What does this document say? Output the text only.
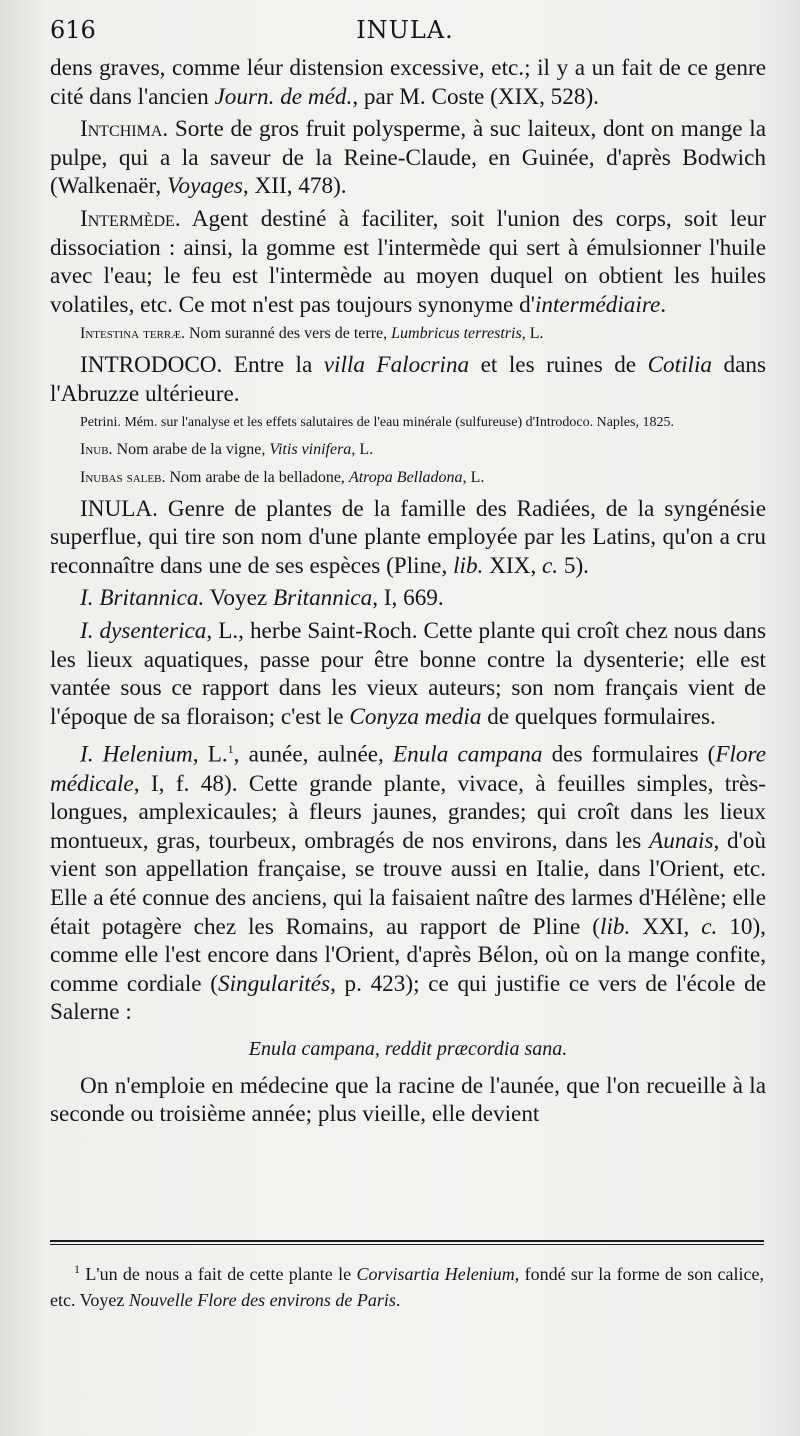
616	INULA.

dens graves, comme léur distension excessive, etc.; il y a un fait de ce genre cité dans l'ancien Journ. de méd., par M. Coste (XIX, 528).

Intchima. Sorte de gros fruit polysperme, à suc laiteux, dont on mange la pulpe, qui a la saveur de la Reine-Claude, en Guinée, d'après Bodwich (Walkenaër, Voyages, XII, 478).

Intermède. Agent destiné à faciliter, soit l'union des corps, soit leur dissociation : ainsi, la gomme est l'intermède qui sert à émulsionner l'huile avec l'eau; le feu est l'intermède au moyen duquel on obtient les huiles volatiles, etc. Ce mot n'est pas toujours synonyme d'intermédiaire.

Intestina terræ. Nom suranné des vers de terre, Lumbricus terrestris, L.

INTRODOCO. Entre la villa Falocrina et les ruines de Cotilia dans l'Abruzze ultérieure.

Petrini. Mém. sur l'analyse et les effets salutaires de l'eau minérale (sulfureuse) d'Introdoco. Naples, 1825.

Inub. Nom arabe de la vigne, Vitis vinifera, L.

Inubas saleb. Nom arabe de la belladone, Atropa Belladona, L.

INULA. Genre de plantes de la famille des Radiées, de la syngénésie superflue, qui tire son nom d'une plante employée par les Latins, qu'on a cru reconnaître dans une de ses espèces (Pline, lib. XIX, c. 5).

I. Britannica. Voyez Britannica, I, 669.

I. dysenterica, L., herbe Saint-Roch. Cette plante qui croît chez nous dans les lieux aquatiques, passe pour être bonne contre la dysenterie; elle est vantée sous ce rapport dans les vieux auteurs; son nom français vient de l'époque de sa floraison; c'est le Conyza media de quelques formulaires.

I. Helenium, L.$^1$, aunée, aulnée, Enula campana des formulaires (Flore médicale, I, f. 48). Cette grande plante, vivace, à feuilles simples, très-longues, amplexicaules; à fleurs jaunes, grandes; qui croît dans les lieux montueux, gras, tourbeux, ombragés de nos environs, dans les Aunais, d'où vient son appellation française, se trouve aussi en Italie, dans l'Orient, etc. Elle a été connue des anciens, qui la faisaient naître des larmes d'Hélène; elle était potagère chez les Romains, au rapport de Pline (lib. XXI, c. 10), comme elle l'est encore dans l'Orient, d'après Bélon, où on la mange confite, comme cordiale (Singularités, p. 423); ce qui justifie ce vers de l'école de Salerne :

Enula campana, reddit præcordia sana.

On n'emploie en médecine que la racine de l'aunée, que l'on recueille à la seconde ou troisième année; plus vieille, elle devient

$^1$ L'un de nous a fait de cette plante le Corvisartia Helenium, fondé sur la forme de son calice, etc. Voyez Nouvelle Flore des environs de Paris.
